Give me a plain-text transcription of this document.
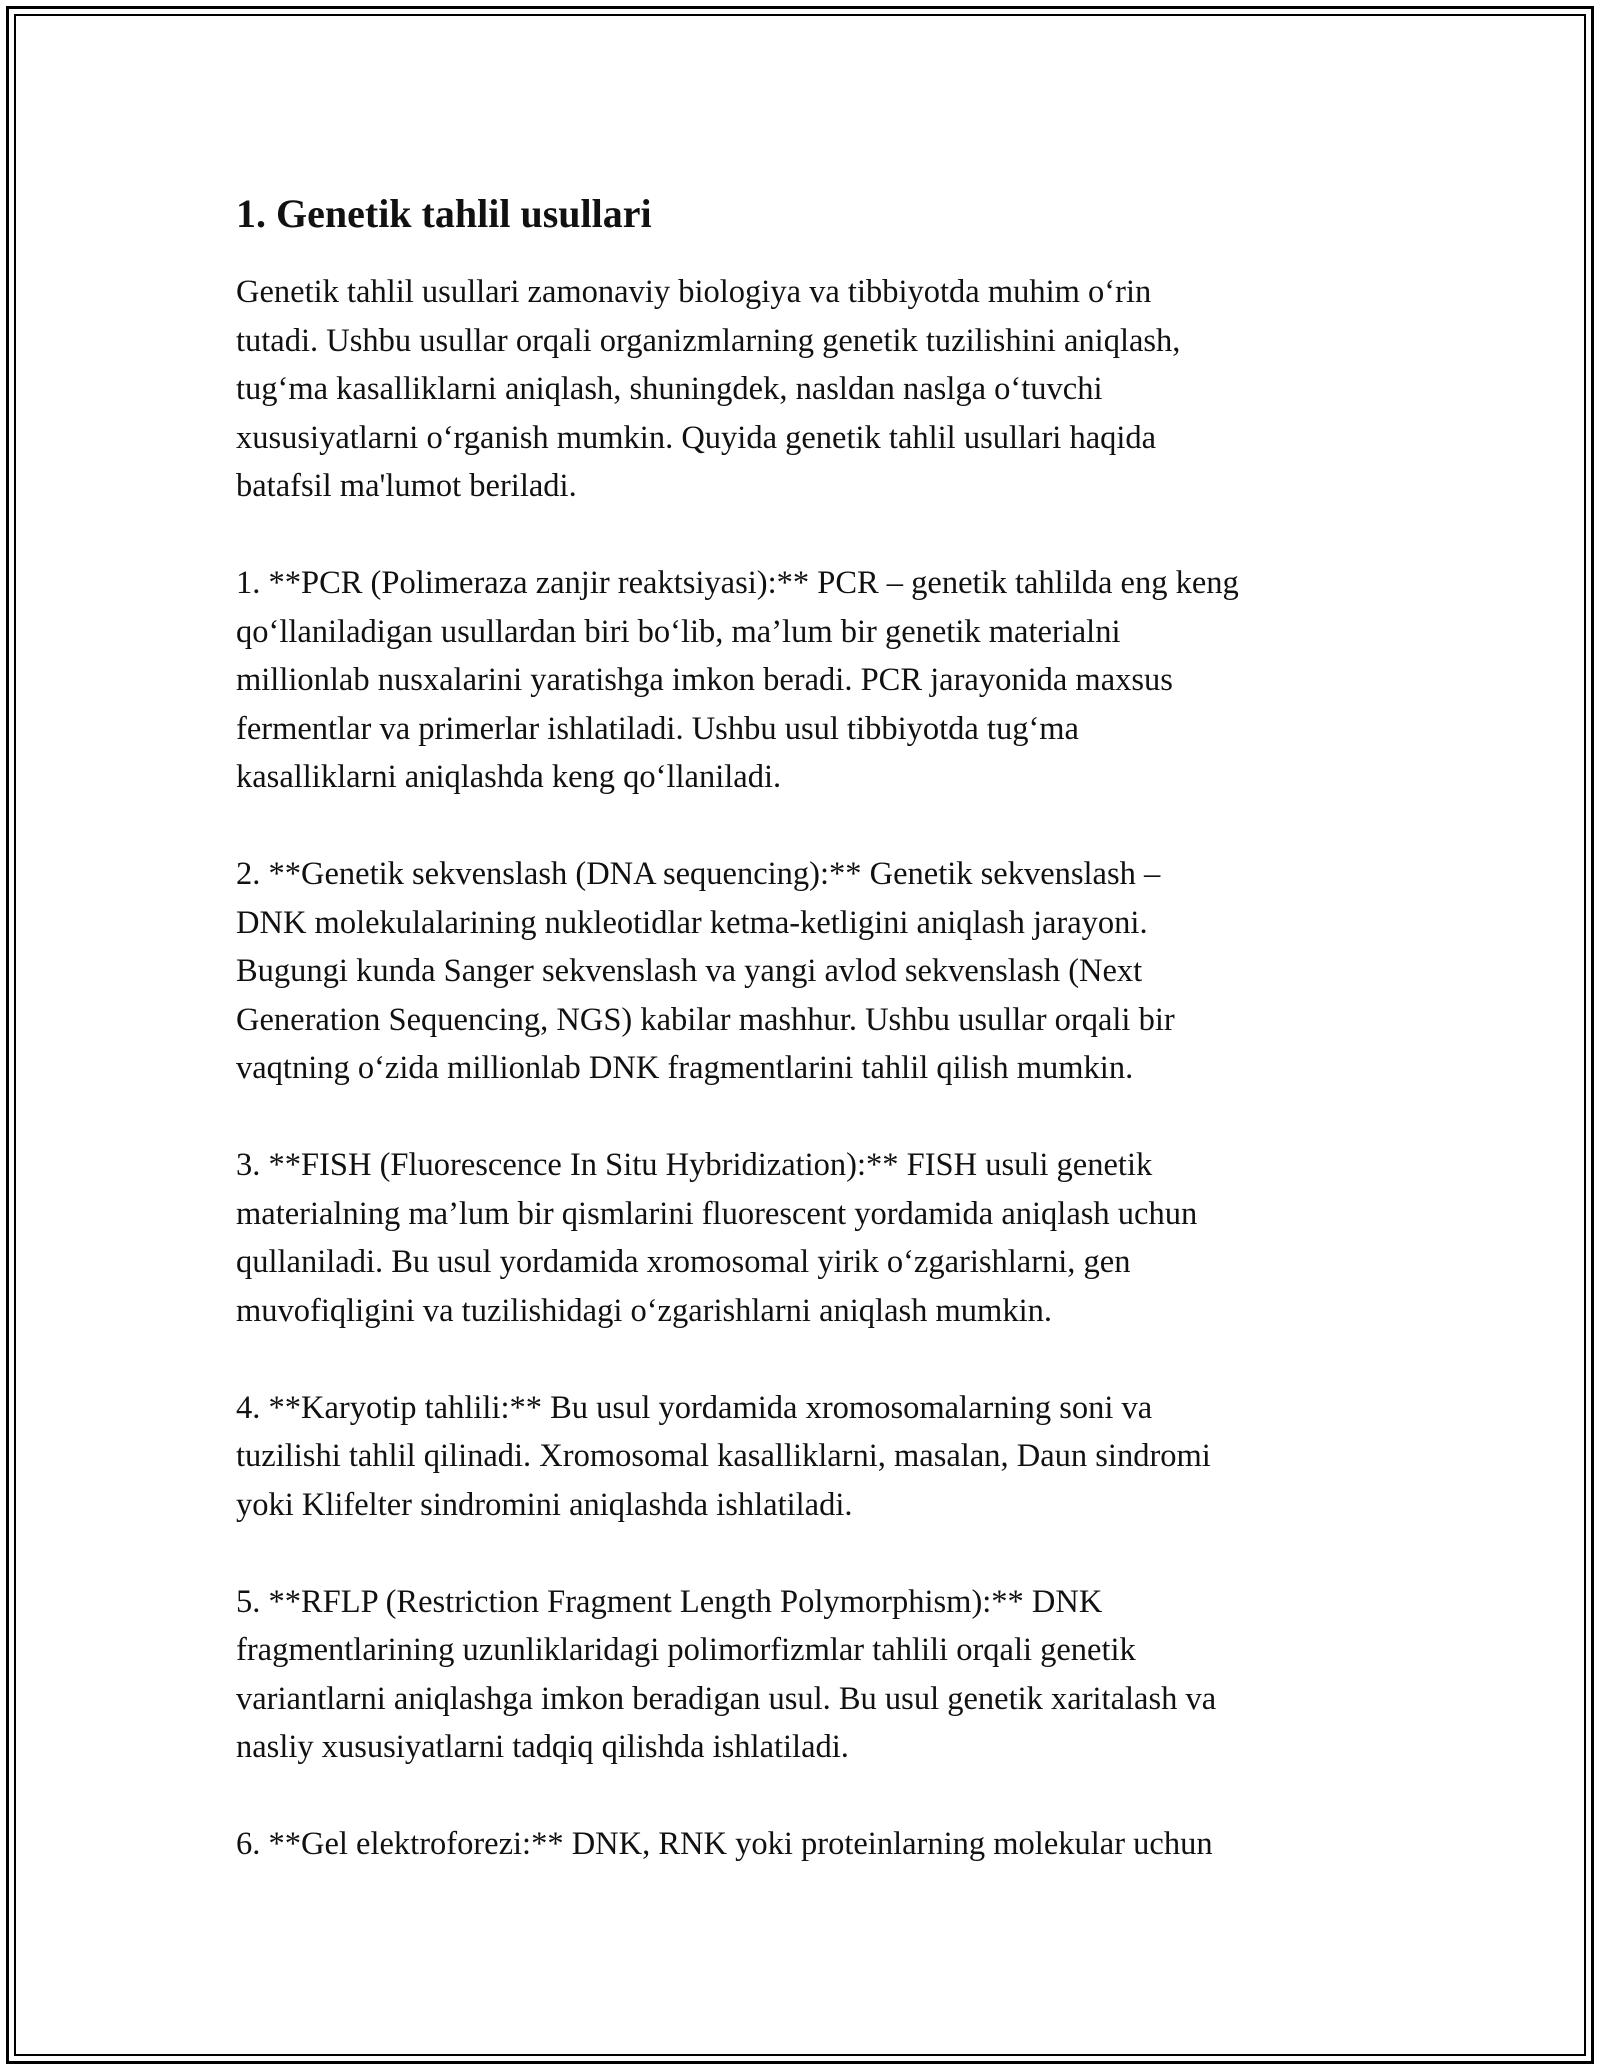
1. Genetik tahlil usullari

Genetik tahlil usullari zamonaviy biologiya va tibbiyotda muhim o‘rin
tutadi. Ushbu usullar orqali organizmlarning genetik tuzilishini aniqlash,
tug‘ma kasalliklarni aniqlash, shuningdek, nasldan naslga o‘tuvchi
xususiyatlarni o‘rganish mumkin. Quyida genetik tahlil usullari haqida
batafsil ma'lumot beriladi.

1. **PCR (Polimeraza zanjir reaktsiyasi):** PCR – genetik tahlilda eng keng
qo‘llaniladigan usullardan biri bo‘lib, ma’lum bir genetik materialni
millionlab nusxalarini yaratishga imkon beradi. PCR jarayonida maxsus
fermentlar va primerlar ishlatiladi. Ushbu usul tibbiyotda tug‘ma
kasalliklarni aniqlashda keng qo‘llaniladi.

2. **Genetik sekvenslash (DNA sequencing):** Genetik sekvenslash –
DNK molekulalarining nukleotidlar ketma-ketligini aniqlash jarayoni.
Bugungi kunda Sanger sekvenslash va yangi avlod sekvenslash (Next
Generation Sequencing, NGS) kabilar mashhur. Ushbu usullar orqali bir
vaqtning o‘zida millionlab DNK fragmentlarini tahlil qilish mumkin.

3. **FISH (Fluorescence In Situ Hybridization):** FISH usuli genetik
materialning ma’lum bir qismlarini fluorescent yordamida aniqlash uchun
qullaniladi. Bu usul yordamida xromosomal yirik o‘zgarishlarni, gen
muvofiqligini va tuzilishidagi o‘zgarishlarni aniqlash mumkin.

4. **Karyotip tahlili:** Bu usul yordamida xromosomalarning soni va
tuzilishi tahlil qilinadi. Xromosomal kasalliklarni, masalan, Daun sindromi
yoki Klifelter sindromini aniqlashda ishlatiladi.

5. **RFLP (Restriction Fragment Length Polymorphism):** DNK
fragmentlarining uzunliklaridagi polimorfizmlar tahlili orqali genetik
variantlarni aniqlashga imkon beradigan usul. Bu usul genetik xaritalash va
nasliy xususiyatlarni tadqiq qilishda ishlatiladi.

6. **Gel elektroforezi:** DNK, RNK yoki proteinlarning molekular uchun
